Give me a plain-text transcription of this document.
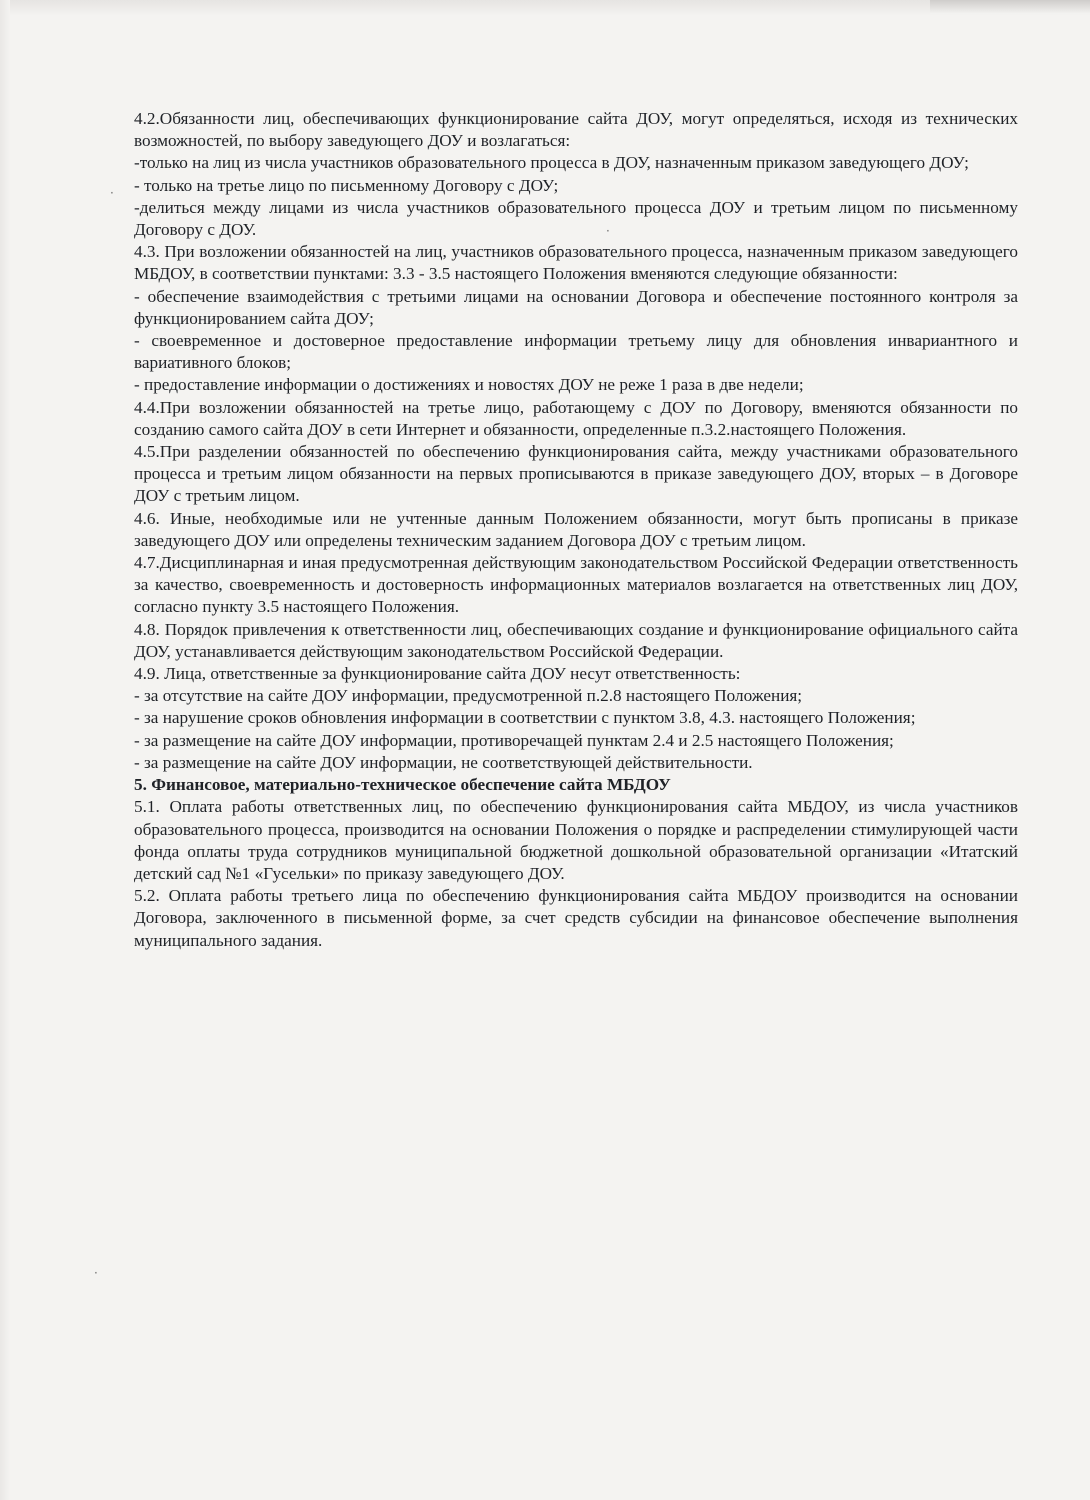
4.2.Обязанности лиц, обеспечивающих функционирование сайта ДОУ, могут определяться, исходя из технических возможностей, по выбору заведующего ДОУ и возлагаться:

-только на лиц из числа участников образовательного процесса в ДОУ, назначенным приказом заведующего ДОУ;

- только на третье лицо по письменному Договору с ДОУ;

-делиться между лицами из числа участников образовательного процесса ДОУ и третьим лицом по письменному Договору с ДОУ.

4.3. При возложении обязанностей на лиц, участников образовательного процесса, назначенным приказом заведующего МБДОУ, в соответствии пунктами: 3.3 - 3.5 настоящего Положения вменяются следующие обязанности:

- обеспечение взаимодействия с третьими лицами на основании Договора и обеспечение постоянного контроля за функционированием сайта ДОУ;

- своевременное и достоверное предоставление информации третьему лицу для обновления инвариантного и вариативного блоков;

- предоставление информации о достижениях и новостях ДОУ не реже 1 раза в две недели;

4.4.При возложении обязанностей на третье лицо, работающему с ДОУ по Договору, вменяются обязанности по созданию самого сайта ДОУ в сети Интернет и обязанности, определенные п.3.2.настоящего Положения.

4.5.При разделении обязанностей по обеспечению функционирования сайта, между участниками образовательного процесса и третьим лицом обязанности на первых прописываются в приказе заведующего ДОУ, вторых – в Договоре ДОУ с третьим лицом.

4.6. Иные, необходимые или не учтенные данным Положением обязанности, могут быть прописаны в приказе заведующего ДОУ или определены техническим заданием Договора ДОУ с третьим лицом.

4.7.Дисциплинарная и иная предусмотренная действующим законодательством Российской Федерации ответственность за качество, своевременность и достоверность информационных материалов возлагается на ответственных лиц ДОУ, согласно пункту 3.5 настоящего Положения.

4.8. Порядок привлечения к ответственности лиц, обеспечивающих создание и функционирование официального сайта ДОУ, устанавливается действующим законодательством Российской Федерации.

4.9. Лица, ответственные за функционирование сайта ДОУ несут ответственность:

- за отсутствие на сайте ДОУ информации, предусмотренной п.2.8 настоящего Положения;

- за нарушение сроков обновления информации в соответствии с пунктом 3.8, 4.3. настоящего Положения;

- за размещение на сайте ДОУ информации, противоречащей пунктам 2.4 и 2.5 настоящего Положения;

- за размещение на сайте ДОУ информации, не соответствующей действительности.

5. Финансовое, материально-техническое обеспечение сайта МБДОУ

5.1. Оплата работы ответственных лиц, по обеспечению функционирования сайта МБДОУ, из числа участников образовательного процесса, производится на основании Положения о порядке и распределении стимулирующей части фонда оплаты труда сотрудников муниципальной бюджетной дошкольной образовательной организации «Итатский детский сад №1 «Гусельки» по приказу заведующего ДОУ.

5.2. Оплата работы третьего лица по обеспечению функционирования сайта МБДОУ производится на основании Договора, заключенного в письменной форме, за счет средств субсидии на финансовое обеспечение выполнения муниципального задания.

·
·
·
